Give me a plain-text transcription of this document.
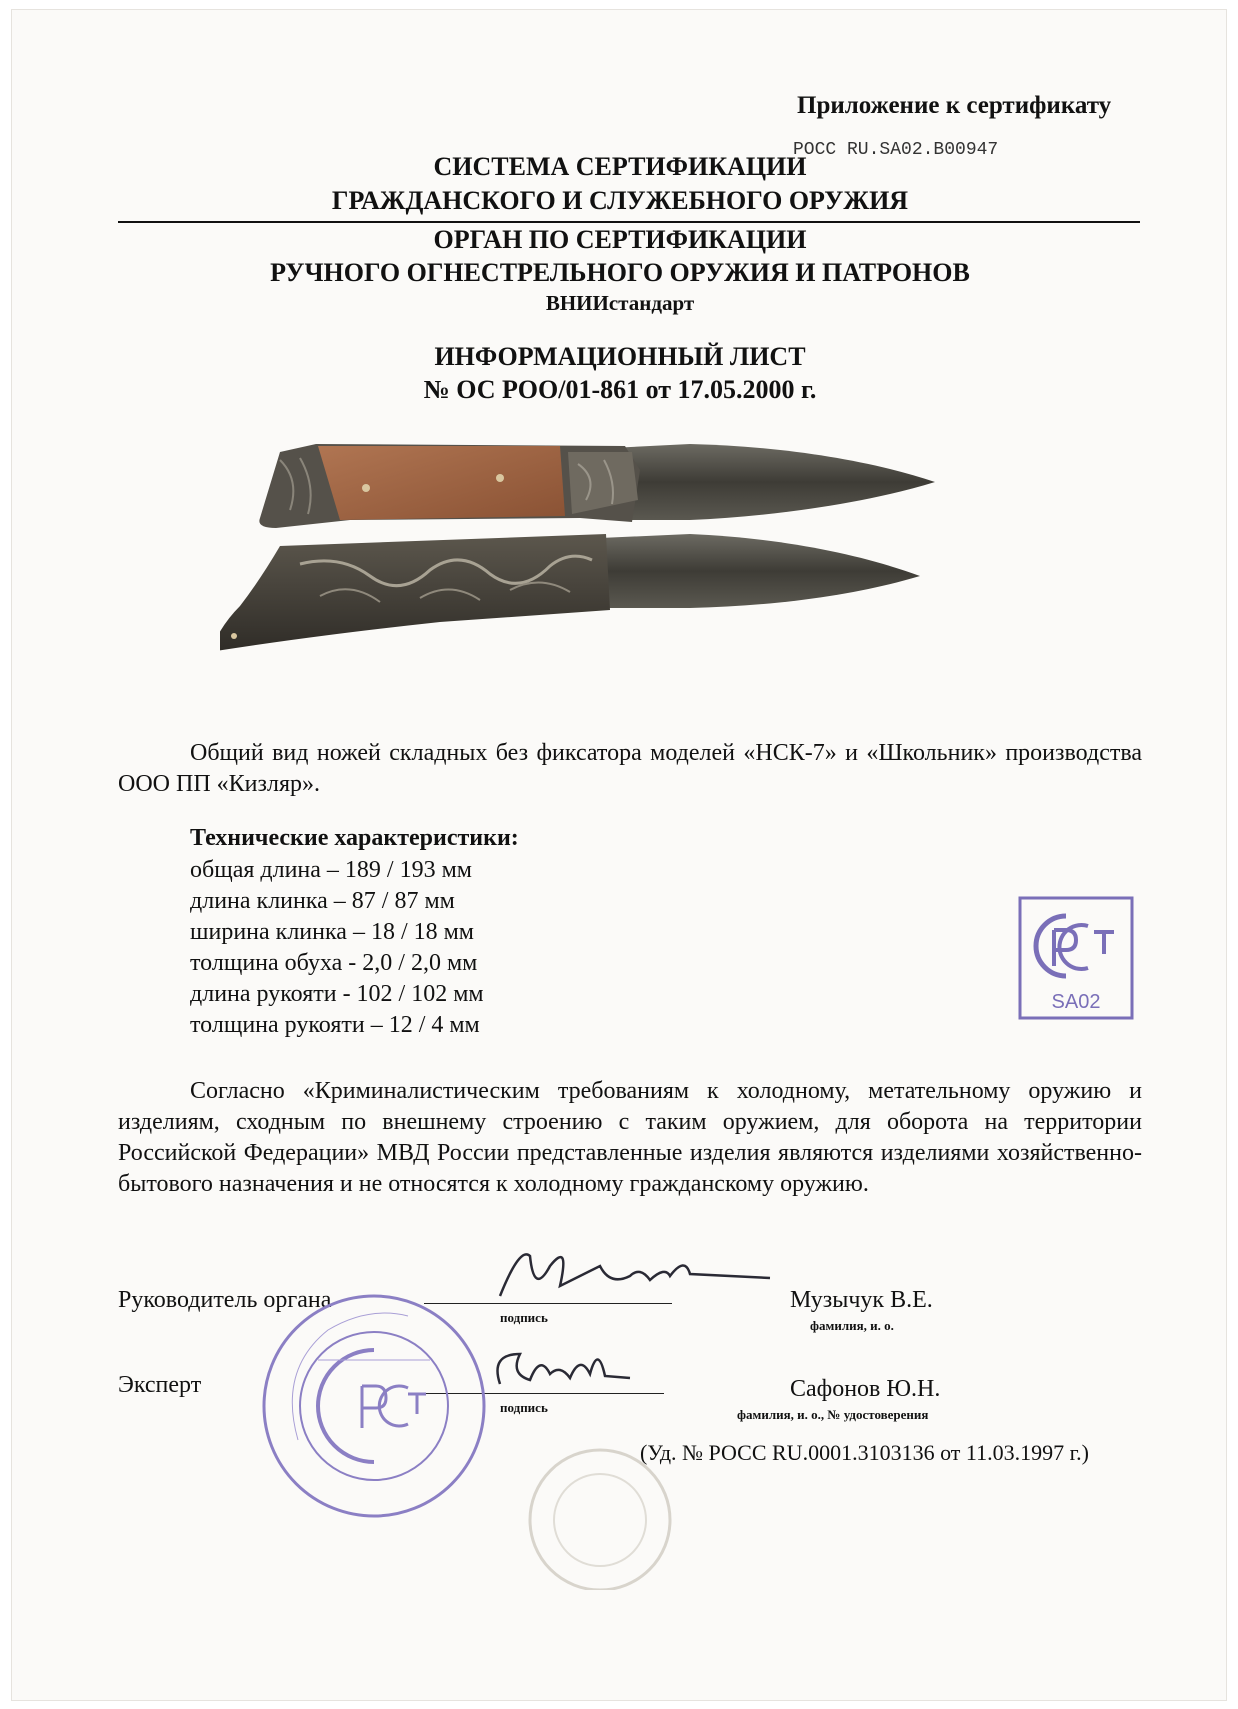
Приложение к сертификату
РОСС RU.SA02.B00947
СИСТЕМА СЕРТИФИКАЦИИ
ГРАЖДАНСКОГО И СЛУЖЕБНОГО ОРУЖИЯ
ОРГАН ПО СЕРТИФИКАЦИИ
РУЧНОГО ОГНЕСТРЕЛЬНОГО ОРУЖИЯ И ПАТРОНОВ
ВНИИстандарт
ИНФОРМАЦИОННЫЙ ЛИСТ
№ ОС РОО/01-861 от 17.05.2000 г.
Общий вид ножей складных без фиксатора моделей «НСК-7» и «Школьник» производства ООО ПП «Кизляр».
Технические характеристики:
общая длина – 189 / 193 мм
длина клинка – 87 / 87 мм
ширина клинка – 18 / 18 мм
толщина обуха - 2,0 / 2,0 мм
длина рукояти - 102 / 102 мм
толщина рукояти – 12 / 4 мм
SA02
Согласно «Криминалистическим требованиям к холодному, метательному оружию и изделиям, сходным по внешнему строению с таким оружием, для оборота на территории Российской Федерации» МВД России представленные изделия являются изделиями хозяйственно-бытового назначения и не относятся к холодному гражданскому оружию.
Руководитель органа
подпись
Музычук В.Е.
фамилия, и. о.
Эксперт
подпись
Сафонов Ю.Н.
фамилия, и. о., № удостоверения
(Уд. № РОСС RU.0001.3103136 от 11.03.1997 г.)
